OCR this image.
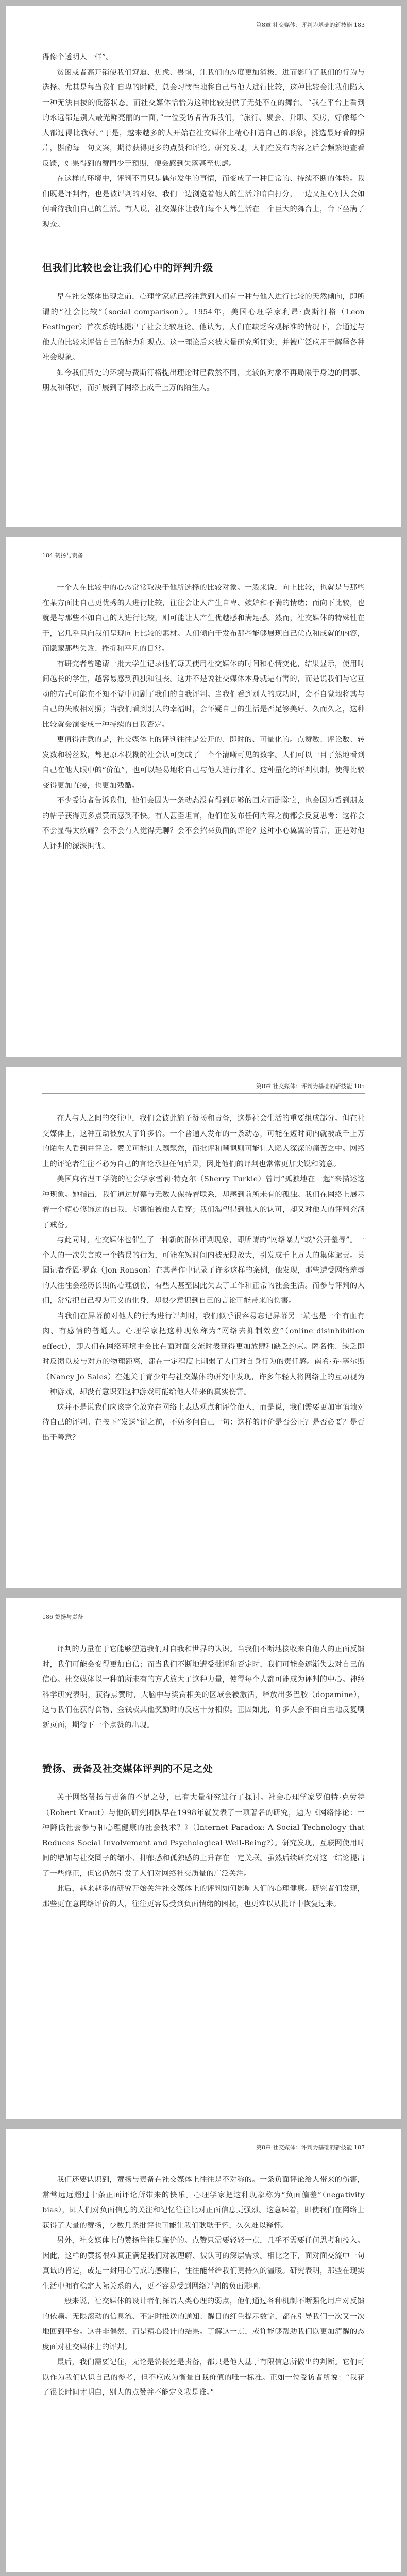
第8章 社交媒体：评判为基础的新技能 183

得像个透明人一样”。

贫困或者高开销使我们窘迫、焦虑、畏惧，让我们的态度更加消极，进而影响了我们的行为与选择。尤其是每当我们自卑的时候，总会习惯性地将自己与他人进行比较，这种比较会让我们陷入一种无法自拔的低落状态。而社交媒体恰恰为这种比较提供了无处不在的舞台。“我在平台上看到的永远都是别人最光鲜亮丽的一面，”一位受访者告诉我们，“旅行、聚会、升职、买房，好像每个人都过得比我好。”于是，越来越多的人开始在社交媒体上精心打造自己的形象，挑选最好看的照片，斟酌每一句文案，期待获得更多的点赞和评论。研究发现，人们在发布内容之后会频繁地查看反馈，如果得到的赞同少于预期，便会感到失落甚至焦虑。

在这样的环境中，评判不再只是偶尔发生的事情，而变成了一种日常的、持续不断的体验。我们既是评判者，也是被评判的对象。我们一边浏览着他人的生活并暗自打分，一边又担心别人会如何看待我们自己的生活。有人说，社交媒体让我们每个人都生活在一个巨大的舞台上，台下坐满了观众。

但我们比较也会让我们心中的评判升级

早在社交媒体出现之前，心理学家就已经注意到人们有一种与他人进行比较的天然倾向，即所谓的“社会比较”（social comparison）。1954年，美国心理学家利昂·费斯汀格（Leon Festinger）首次系统地提出了社会比较理论。他认为，人们在缺乏客观标准的情况下，会通过与他人的比较来评估自己的能力和观点。这一理论后来被大量研究所证实，并被广泛应用于解释各种社会现象。

如今我们所处的环境与费斯汀格提出理论时已截然不同，比较的对象不再局限于身边的同事、朋友和邻居，而扩展到了网络上成千上万的陌生人。

184 赞扬与责备

一个人在比较中的心态常常取决于他所选择的比较对象。一般来说，向上比较，也就是与那些在某方面比自己更优秀的人进行比较，往往会让人产生自卑、嫉妒和不满的情绪；而向下比较，也就是与那些不如自己的人进行比较，则可能让人产生优越感和满足感。然而，社交媒体的特殊性在于，它几乎只向我们呈现向上比较的素材。人们倾向于发布那些能够展现自己优点和成就的内容，而隐藏那些失败、挫折和平凡的日常。

有研究者曾邀请一批大学生记录他们每天使用社交媒体的时间和心情变化，结果显示，使用时间越长的学生，越容易感到孤独和沮丧。这并不是说社交媒体本身就是有害的，而是说我们与它互动的方式可能在不知不觉中加剧了我们的自我评判。当我们看到别人的成功时，会不自觉地将其与自己的失败相对照；当我们看到别人的幸福时，会怀疑自己的生活是否足够美好。久而久之，这种比较就会演变成一种持续的自我否定。

更值得注意的是，社交媒体上的评判往往是公开的、即时的、可量化的。点赞数、评论数、转发数和粉丝数，都把原本模糊的社会认可变成了一个个清晰可见的数字。人们可以一目了然地看到自己在他人眼中的“价值”，也可以轻易地将自己与他人进行排名。这种量化的评判机制，使得比较变得更加直接，也更加残酷。

不少受访者告诉我们，他们会因为一条动态没有得到足够的回应而删除它，也会因为看到朋友的帖子获得更多点赞而感到不快。有人甚至坦言，他们在发布任何内容之前都会反复思考：这样会不会显得太炫耀？会不会有人觉得无聊？会不会招来负面的评论？这种小心翼翼的背后，正是对他人评判的深深担忧。

第8章 社交媒体：评判为基础的新技能 185

在人与人之间的交往中，我们会彼此施予赞扬和责备，这是社会生活的重要组成部分。但在社交媒体上，这种互动被放大了许多倍。一个普通人发布的一条动态，可能在短时间内就被成千上万的陌生人看到并评论。赞美可能让人飘飘然，而批评和嘲讽则可能让人陷入深深的痛苦之中。网络上的评论者往往不必为自己的言论承担任何后果，因此他们的评判也常常更加尖锐和随意。

美国麻省理工学院的社会学家雪莉·特克尔（Sherry Turkle）曾用“孤独地在一起”来描述这种现象。她指出，我们通过屏幕与无数人保持着联系，却感到前所未有的孤独。我们在网络上展示着一个精心修饰过的自我，却害怕被他人看穿；我们渴望得到他人的认可，却又对他人的评判充满了戒备。

与此同时，社交媒体也催生了一种新的群体评判现象，即所谓的“网络暴力”或“公开羞辱”。一个人的一次失言或一个错误的行为，可能在短时间内被无限放大，引发成千上万人的集体谴责。英国记者乔恩·罗森（Jon Ronson）在其著作中记录了许多这样的案例，他发现，那些遭受网络羞辱的人往往会经历长期的心理创伤，有些人甚至因此失去了工作和正常的社会生活。而参与评判的人们，常常把自己视为正义的化身，却很少意识到自己的言论可能带来的伤害。

当我们在屏幕前对他人的行为进行评判时，我们似乎很容易忘记屏幕另一端也是一个有血有肉、有感情的普通人。心理学家把这种现象称为“网络去抑制效应”（online disinhibition effect），即人们在网络环境中会比在面对面交流时表现得更加放肆和缺乏约束。匿名性、缺乏即时反馈以及与对方的物理距离，都在一定程度上削弱了人们对自身行为的责任感。南希·乔·塞尔斯（Nancy Jo Sales）在她关于青少年与社交媒体的研究中发现，许多年轻人将网络上的互动视为一种游戏，却没有意识到这种游戏可能给他人带来的真实伤害。

这并不是说我们应该完全放弃在网络上表达观点和评价他人，而是说，我们需要更加审慎地对待自己的评判。在按下“发送”键之前，不妨多问自己一句：这样的评价是否公正？是否必要？是否出于善意？

186 赞扬与责备

评判的力量在于它能够塑造我们对自我和世界的认识。当我们不断地接收来自他人的正面反馈时，我们可能会变得更加自信；而当我们不断地遭受批评和否定时，我们可能会逐渐失去对自己的信心。社交媒体以一种前所未有的方式放大了这种力量，使得每个人都可能成为评判的中心。神经科学研究表明，获得点赞时，大脑中与奖赏相关的区域会被激活，释放出多巴胺（dopamine），这与我们在获得食物、金钱或其他奖励时的反应十分相似。正因如此，许多人会不由自主地反复刷新页面，期待下一个点赞的出现。

赞扬、责备及社交媒体评判的不足之处

关于网络赞扬与责备的不足之处，已有大量研究进行了探讨。社会心理学家罗伯特·克劳特（Robert Kraut）与他的研究团队早在1998年就发表了一项著名的研究，题为《网络悖论：一种降低社会参与和心理健康的社会技术？》（Internet Paradox: A Social Technology that Reduces Social Involvement and Psychological Well-Being?）。研究发现，互联网使用时间的增加与社交圈子的缩小、抑郁感和孤独感的上升存在一定关联。虽然后续研究对这一结论提出了一些修正，但它仍然引发了人们对网络社交质量的广泛关注。

此后，越来越多的研究开始关注社交媒体上的评判如何影响人们的心理健康。研究者们发现，那些更在意网络评价的人，往往更容易受到负面情绪的困扰，也更难以从批评中恢复过来。

第8章 社交媒体：评判为基础的新技能 187

我们还要认识到，赞扬与责备在社交媒体上往往是不对称的。一条负面评论给人带来的伤害，常常远远超过十条正面评论所带来的快乐。心理学家把这种现象称为“负面偏差”（negativity bias），即人们对负面信息的关注和记忆往往比对正面信息更强烈。这意味着，即使我们在网络上获得了大量的赞扬，少数几条批评也可能让我们耿耿于怀，久久难以释怀。

另外，社交媒体上的赞扬往往是廉价的。点赞只需要轻轻一点，几乎不需要任何思考和投入。因此，这样的赞扬很难真正满足我们对被理解、被认可的深层需求。相比之下，面对面交流中一句真诚的肯定，或是一封用心写成的感谢信，往往能带给我们更持久的温暖。研究表明，那些在现实生活中拥有稳定人际关系的人，更不容易受到网络评判的负面影响。

一般来说，社交媒体的设计者们深谙人类心理的弱点，他们通过各种机制不断强化用户对反馈的依赖。无限滚动的信息流、不定时推送的通知、醒目的红色提示数字，都在引导我们一次又一次地回到平台。这并非偶然，而是精心设计的结果。了解这一点，或许能够帮助我们以更加清醒的态度面对社交媒体上的评判。

最后，我们需要记住，无论是赞扬还是责备，都只是他人基于有限信息所做出的判断。它们可以作为我们认识自己的参考，但不应成为衡量自我价值的唯一标准。正如一位受访者所说：“我花了很长时间才明白，别人的点赞并不能定义我是谁。”
